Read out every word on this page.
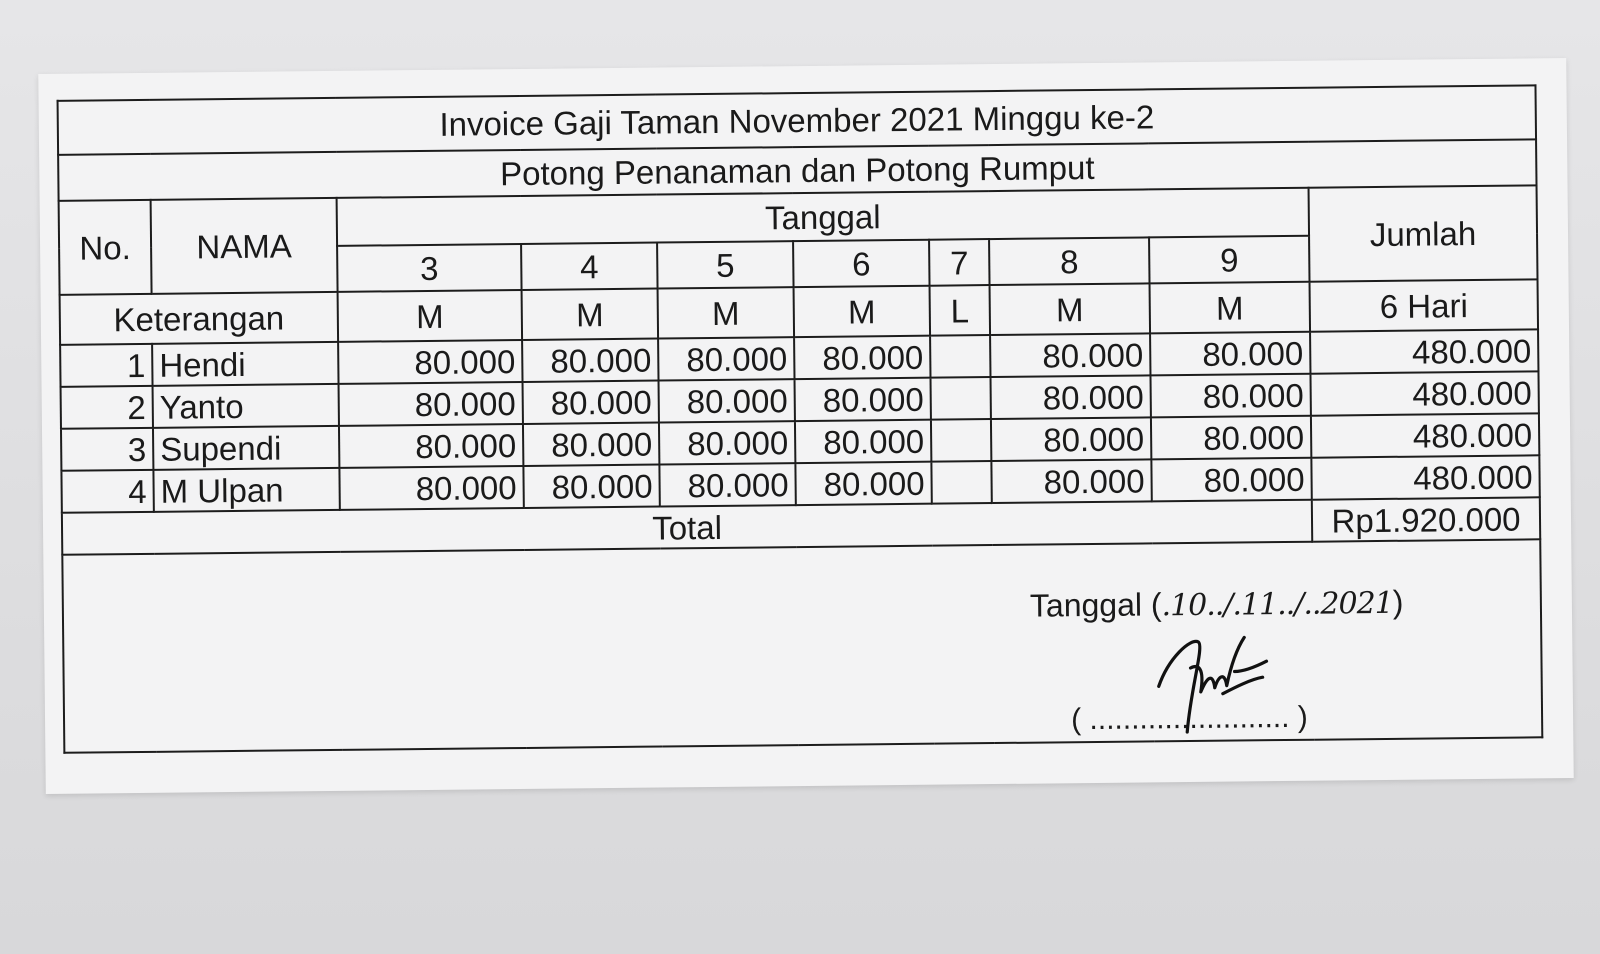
Invoice Gaji Taman November 2021 Minggu ke-2									
Potong Penanaman dan Potong Rumput									
No.	NAMA	Tanggal							Jumlah
		3	4	5	6	7	8	9	
Keterangan		M	M	M	M	L	M	M	6 Hari
1	Hendi	80.000	80.000	80.000	80.000		80.000	80.000	480.000
2	Yanto	80.000	80.000	80.000	80.000		80.000	80.000	480.000
3	Supendi	80.000	80.000	80.000	80.000		80.000	80.000	480.000
4	M Ulpan	80.000	80.000	80.000	80.000		80.000	80.000	480.000
Total									Rp1.920.000

Tanggal (.10../.11../..2021)
( ........................ )									
